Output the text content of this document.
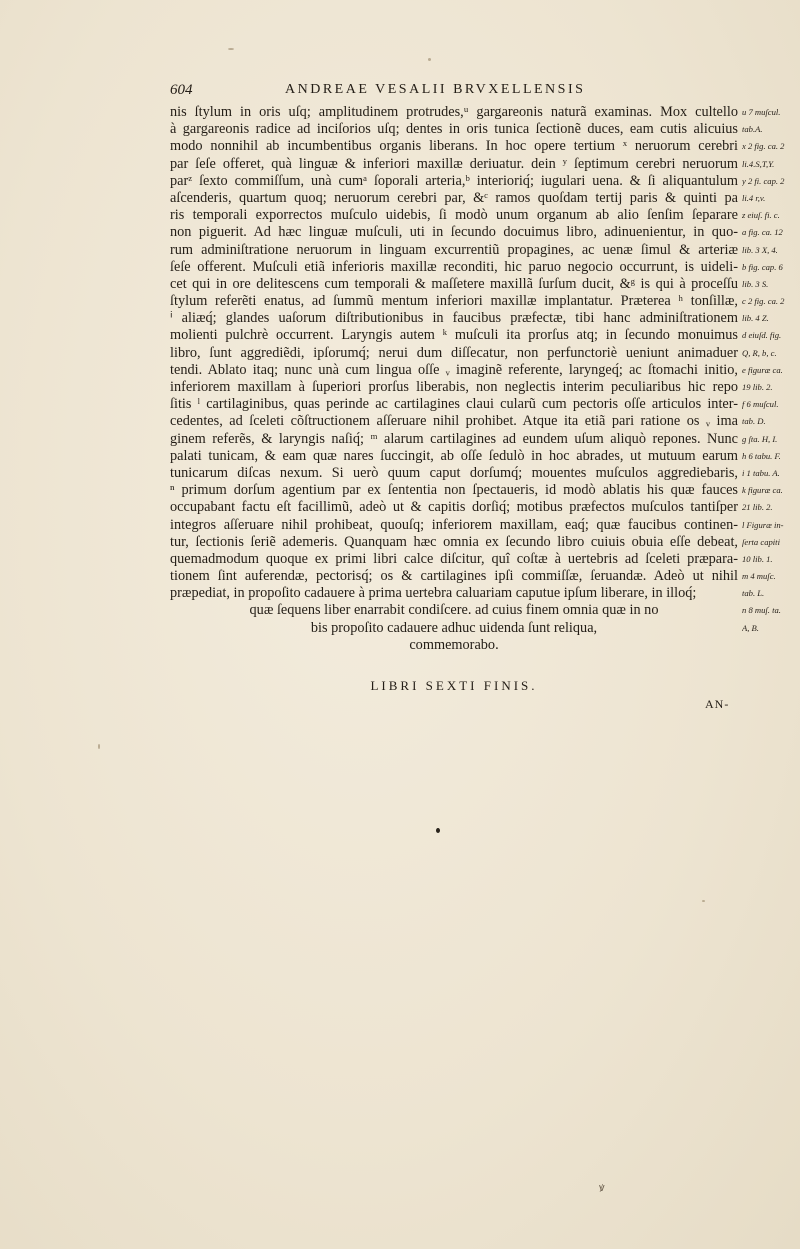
604	ANDREAE VESALII BRVXELLENSIS
nis ſtylum in oris uſq; amplitudinem protrudes,ᵘ gargareonis naturã examinas. Mox cultello
à gargareonis radice ad inciſorios uſq; dentes in oris tunica ſectionẽ duces, eam cutis alicuius
modo nonnihil ab incumbentibus organis liberans. In hoc opere tertium ˣ neruorum cerebri
par ſeſe offeret, quà linguæ & inferiori maxillæ deriuatur. dein ʸ ſeptimum cerebri neruorum
parᶻ ſexto commiſſum, unà cumᵃ ſoporali arteria,ᵇ interioriq́; iugulari uena. & ſi aliquantulum
aſcenderis, quartum quoq; neruorum cerebri par, &ᶜ ramos quoſdam tertij paris & quinti pa
ris temporali exporrectos muſculo uidebis, ſi modò unum organum ab alio ſenſim ſeparare
non piguerit. Ad hæc linguæ muſculi, uti in ſecundo docuimus libro, adinuenientur, in quo-
rum adminiſtratione neruorum in linguam excurrentiũ propagines, ac uenæ ſimul & arteriæ
ſeſe offerent. Muſculi etiã inferioris maxillæ reconditi, hic paruo negocio occurrunt, is uideli-
cet qui in ore delitescens cum temporali & maſſetere maxillã ſurſum ducit, &ᵍ is qui à proceſſu
ſtylum referẽti enatus, ad ſummũ mentum inferiori maxillæ implantatur. Præterea ʰ tonſillæ,
ⁱ aliæq́; glandes uaſorum diſtributionibus in faucibus præfectæ, tibi hanc adminiſtrationem
molienti pulchrè occurrent. Laryngis autem ᵏ muſculi ita prorſus atq; in ſecundo monuimus
libro, ſunt aggrediẽdi, ipſorumq́; nerui dum diſſecatur, non perfunctoriè ueniunt animaduer
tendi. Ablato itaq; nunc unà cum lingua oſſe ᵥ imaginẽ referente, laryngeq́; ac ſtomachi initio,
inferiorem maxillam à ſuperiori prorſus liberabis, non neglectis interim peculiaribus hic repo
ſitis ˡ cartilaginibus, quas perinde ac cartilagines claui cularũ cum pectoris oſſe articulos inter-
cedentes, ad ſceleti cõſtructionem aſſeruare nihil prohibet. Atque ita etiã pari ratione os ᵥ ima
ginem referẽs, & laryngis naſiq́; ᵐ alarum cartilagines ad eundem uſum aliquò repones. Nunc
palati tunicam, & eam quæ nares ſuccingit, ab oſſe ſedulò in hoc abrades, ut mutuum earum
tunicarum diſcas nexum. Si uerò quum caput dorſumq́; mouentes muſculos aggrediebaris,
ⁿ primum dorſum agentium par ex ſententia non ſpectaueris, id modò ablatis his quæ fauces
occupabant factu eſt facillimũ, adeò ut & capitis dorſiq́; motibus præfectos muſculos tantiſper
integros aſſeruare nihil prohibeat, quouſq; inferiorem maxillam, eaq́; quæ faucibus continen-
tur, ſectionis ſeriẽ ademeris. Quanquam hæc omnia ex ſecundo libro cuiuis obuia eſſe debeat,
quemadmodum quoque ex primi libri calce diſcitur, quî coſtæ à uertebris ad ſceleti præpara-
tionem ſint auferendæ, pectorisq́; os & cartilagines ipſi commiſſæ, ſeruandæ. Adeò ut nihil
præpediat, in propoſito cadauere à prima uertebra caluariam caputue ipſum liberare, in illoq́;
quæ ſequens liber enarrabit condiſcere. ad cuius finem omnia quæ in no
bis propoſito cadauere adhuc uidenda ſunt reliqua,
commemorabo.
u 7 muſcul.
tab.A.
x 2 fig. ca. 2
li.4.S,T,Y.
y 2 fi. cap. 2
li.4 r,v.
z eiuſ. fi. c.
a fig. ca. 12
lib. 3 X, 4.
b fig. cap. 6
lib. 3 S.
c 2 fig. ca. 2
lib. 4 Z.
d eiuſd. fig.
Q, R, b, c.
e figuræ ca.
19 lib. 2.
f 6 muſcul.
tab. D.
g ſta. H, I.
h 6 tabu. F.
i 1 tabu. A.
k figuræ ca.
21 lib. 2.
l Figuræ in-
ſerta capiti
10 lib. 1.
m 4 muſc.
tab. L.
n 8 muſ. ta.
A, B.
LIBRI SEXTI FINIS.
AN-
ꝟ
